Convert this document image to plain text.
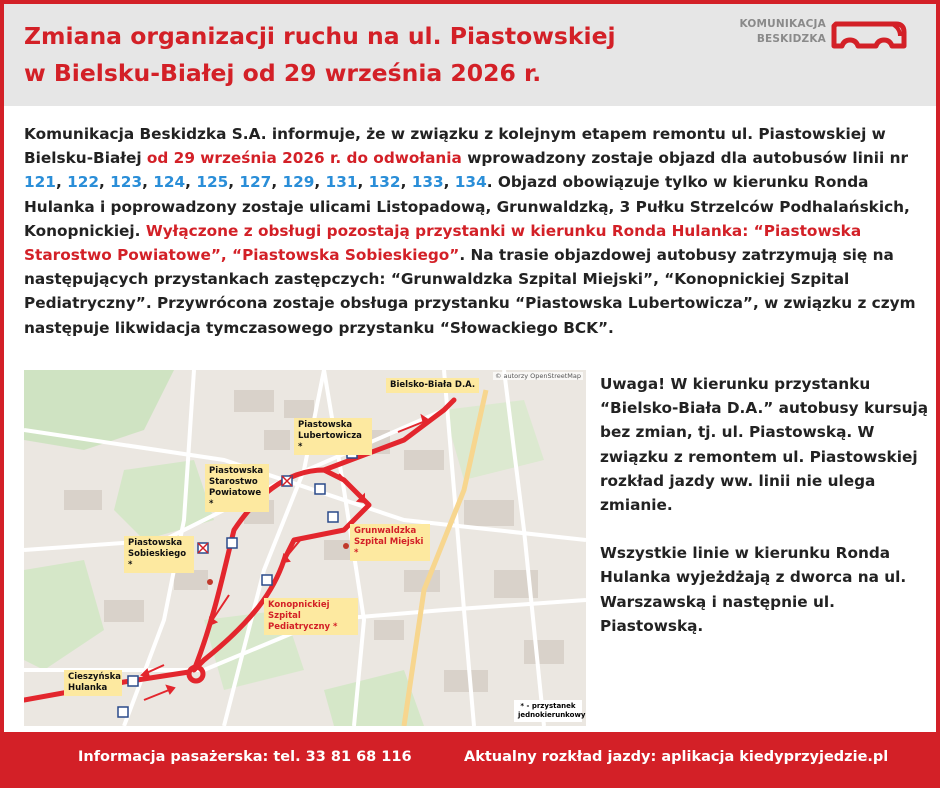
Zmiana organizacji ruchu na ul. Piastowskiej
w Bielsku-Białej od 29 września 2026 r.
KOMUNIKACJA
BESKIDZKA
Komunikacja Beskidzka S.A. informuje, że w związku z kolejnym etapem remontu ul. Piastowskiej w Bielsku-Białej od 29 września 2026 r. do odwołania wprowadzony zostaje objazd dla autobusów linii nr 121, 122, 123, 124, 125, 127, 129, 131, 132, 133, 134. Objazd obowiązuje tylko w kierunku Ronda Hulanka i poprowadzony zostaje ulicami Listopadową, Grunwaldzką, 3 Pułku Strzelców Podhalańskich, Konopnickiej. Wyłączone z obsługi pozostają przystanki w kierunku Ronda Hulanka: “Piastowska Starostwo Powiatowe”, “Piastowska Sobieskiego”. Na trasie objazdowej autobusy zatrzymują się na następujących przystankach zastępczych: “Grunwaldzka Szpital Miejski”, “Konopnickiej Szpital Pediatryczny”. Przywrócona zostaje obsługa przystanku “Piastowska Lubertowicza”, w związku z czym następuje likwidacja tymczasowego przystanku “Słowackiego BCK”.
© autorzy OpenStreetMap
Bielsko-Biała D.A.
Piastowska Lubertowicza *
Piastowska Starostwo Powiatowe *
Piastowska Sobieskiego *
Grunwaldzka Szpital Miejski *
Konopnickiej Szpital Pediatryczny *
Cieszyńska Hulanka
* - przystanek jednokierunkowy

Uwaga! W kierunku przystanku “Bielsko-Biała D.A.” autobusy kursują bez zmian, tj. ul. Piastowską. W związku z remontem ul. Piastowskiej rozkład jazdy ww. linii nie ulega zmianie.

Wszystkie linie w kierunku Ronda Hulanka wyjeżdżają z dworca na ul. Warszawską i następnie ul. Piastowską.

Informacja pasażerska: tel. 33 81 68 116	Aktualny rozkład jazdy: aplikacja kiedyprzyjedzie.pl
